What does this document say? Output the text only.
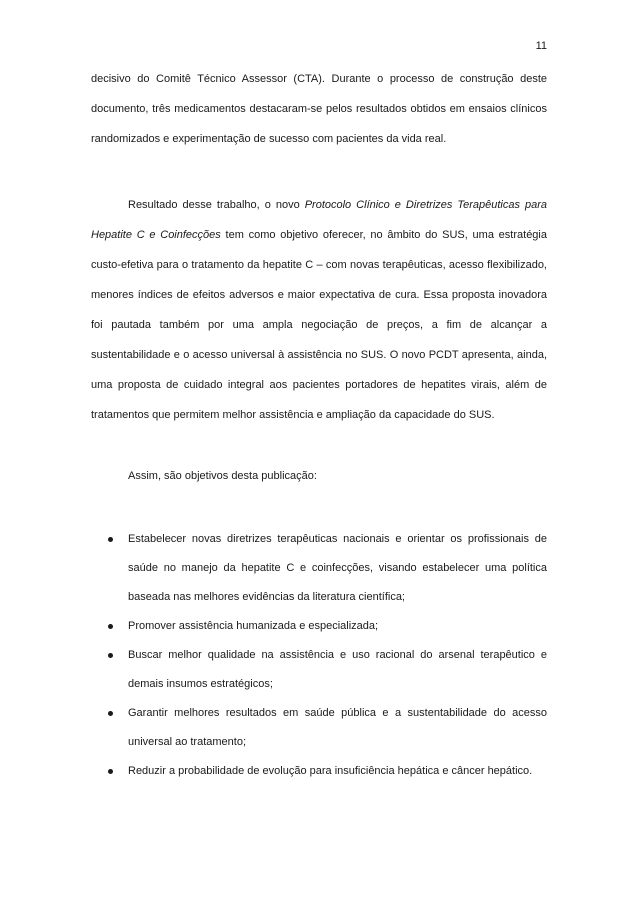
11

decisivo do Comitê Técnico Assessor (CTA). Durante o processo de construção deste documento, três medicamentos destacaram-se pelos resultados obtidos em ensaios clínicos randomizados e experimentação de sucesso com pacientes da vida real.

Resultado desse trabalho, o novo Protocolo Clínico e Diretrizes Terapêuticas para Hepatite C e Coinfecções tem como objetivo oferecer, no âmbito do SUS, uma estratégia custo-efetiva para o tratamento da hepatite C – com novas terapêuticas, acesso flexibilizado, menores índices de efeitos adversos e maior expectativa de cura. Essa proposta inovadora foi pautada também por uma ampla negociação de preços, a fim de alcançar a sustentabilidade e o acesso universal à assistência no SUS. O novo PCDT apresenta, ainda, uma proposta de cuidado integral aos pacientes portadores de hepatites virais, além de tratamentos que permitem melhor assistência e ampliação da capacidade do SUS.

Assim, são objetivos desta publicação:

Estabelecer novas diretrizes terapêuticas nacionais e orientar os profissionais de saúde no manejo da hepatite C e coinfecções, visando estabelecer uma política baseada nas melhores evidências da literatura científica;
Promover assistência humanizada e especializada;
Buscar melhor qualidade na assistência e uso racional do arsenal terapêutico e demais insumos estratégicos;
Garantir melhores resultados em saúde pública e a sustentabilidade do acesso universal ao tratamento;
Reduzir a probabilidade de evolução para insuficiência hepática e câncer hepático.
